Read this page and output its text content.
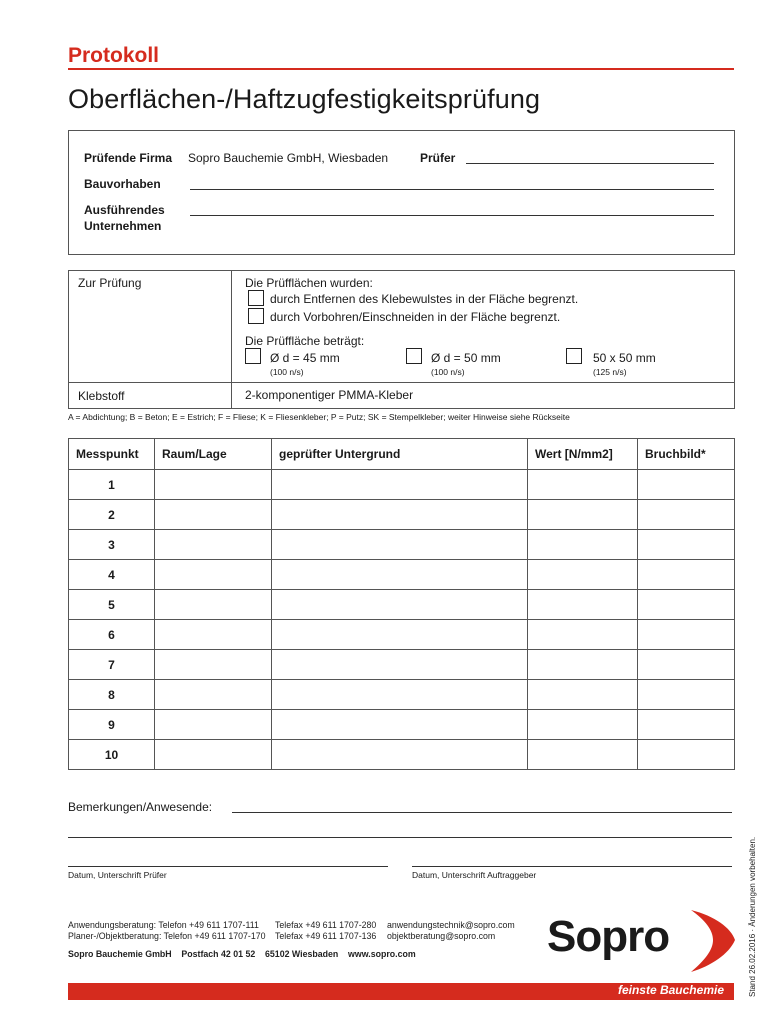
Protokoll
Oberflächen-/Haftzugfestigkeitsprüfung
Prüfende Firma Sopro Bauchemie GmbH, Wiesbaden	Prüfer
Bauvorhaben
Ausführendes
Unternehmen
Zur Prüfung	Die Prüfflächen wurden:
durch Entfernen des Klebewulstes in der Fläche begrenzt.
durch Vorbohren/Einschneiden in der Fläche begrenzt.
Die Prüffläche beträgt:
Ø d = 45 mm
(100 n/s)
Ø d = 50 mm
(100 n/s)
50 x 50 mm
(125 n/s)
Klebstoff	2-komponentiger PMMA-Kleber
A = Abdichtung; B = Beton; E = Estrich; F = Fliese; K = Fliesenkleber; P = Putz; SK = Stempelkleber; weiter Hinweise siehe Rückseite
Messpunkt	Raum/Lage	geprüfter Untergrund	Wert [N/mm2]	Bruchbild*
1				
2				
3				
4				
5				
6				
7				
8				
9				
10				
Bemerkungen/Anwesende:
Datum, Unterschrift Prüfer	Datum, Unterschrift Auftraggeber
Anwendungsberatung: Telefon +49 611 1707-111 Telefax +49 611 1707-280 anwendungstechnik@sopro.com
Planer-/Objektberatung: Telefon +49 611 1707-170 Telefax +49 611 1707-136 objektberatung@sopro.com
Sopro Bauchemie GmbH    Postfach 42 01 52    65102 Wiesbaden    www.sopro.com	Sopro
feinste Bauchemie	Stand 26.02.2016 · Änderungen vorbehalten.
